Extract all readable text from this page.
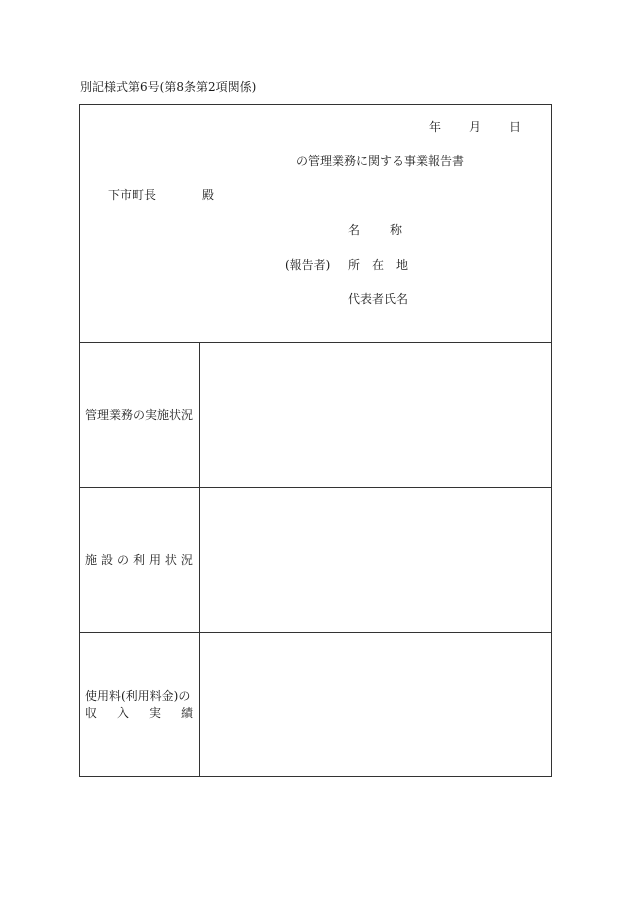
別記様式第6号(第8条第2項関係)
年 月 日
の管理業務に関する事業報告書
下市町長	殿
名	称
(報告者) 所 在 地
代表者氏名
管理業務の実施状況
施 設 の 利 用 状 況
使用料(利用料金)の
収 入 実 績
